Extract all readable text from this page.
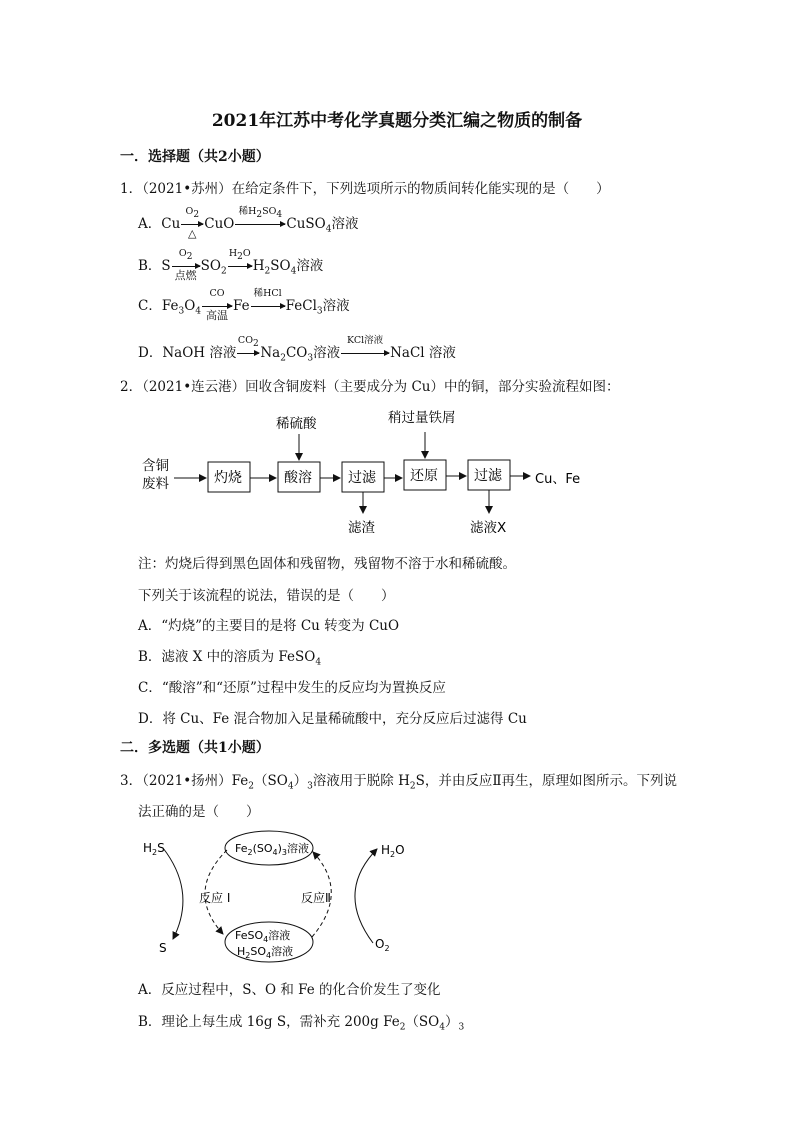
2021年江苏中考化学真题分类汇编之物质的制备
一．选择题（共2小题）
1．（2021•苏州）在给定条件下，下列选项所示的物质间转化能实现的是（　　）
A．Cu
$O_2$
△
CuO
稀$H_2SO_4$
CuSO$_4$溶液
B．S
$O_2$
点燃
$SO_2$
$H_2O$
$H_2SO_4$溶液
C．$Fe_3O_4$
CO
高温
Fe
稀HCl
FeCl$_3$溶液
D．NaOH 溶液
$CO_2$
$Na_2CO_3$溶液
KCl溶液
NaCl 溶液
2．（2021•连云港）回收含铜废料（主要成分为 Cu）中的铜，部分实验流程如图：
含铜
废料	灼烧	酸溶
稀硫酸
过滤
滤渣
还原
稍过量铁屑
过滤
滤液X
Cu、Fe
注：灼烧后得到黑色固体和残留物，残留物不溶于水和稀硫酸。
下列关于该流程的说法，错误的是（　　）
A．“灼烧”的主要目的是将 Cu 转变为 CuO
B．滤液 X 中的溶质为 FeSO$_4$
C．“酸溶”和“还原”过程中发生的反应均为置换反应
D．将 Cu、Fe 混合物加入足量稀硫酸中，充分反应后过滤得 Cu
二．多选题（共1小题）
3．（2021•扬州）$Fe_2(SO_4)_3$溶液用于脱除 $H_2S$，并由反应Ⅱ再生，原理如图所示。下列说
法正确的是（　　）
$H_2S$
S
$Fe_2(SO_4)_3$溶液
FeSO$_4$溶液
$H_2SO_4$溶液
反应 I	反应Ⅱ
$H_2O$
$O_2$
A．反应过程中，S、O 和 Fe 的化合价发生了变化
B．理论上每生成 16g S，需补充 200g $Fe_2(SO_4)_3$
